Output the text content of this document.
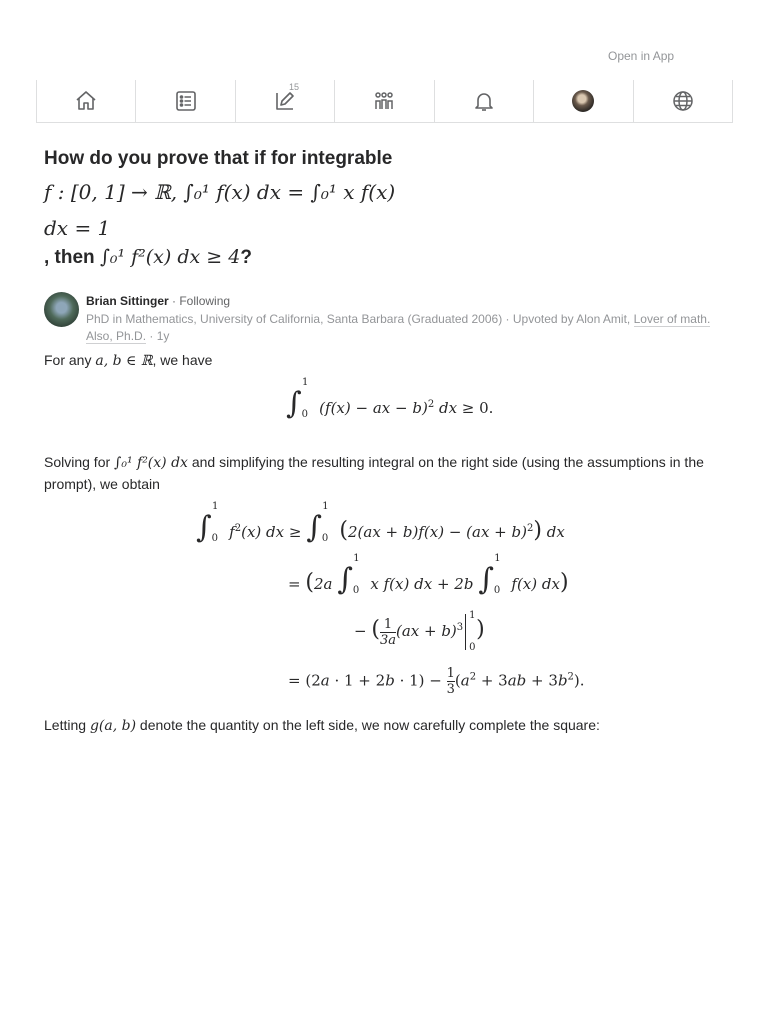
Open in App
15
How do you prove that if for integrable
f : [0, 1] → ℝ, ∫₀¹ f(x) dx = ∫₀¹ x f(x)
dx = 1
, then ∫₀¹ f²(x) dx ≥ 4?
Brian Sittinger · Following
PhD in Mathematics, University of California, Santa Barbara (Graduated 2006) · Upvoted by Alon Amit, Lover of math.
Also, Ph.D. · 1y
For any a, b ∈ ℝ, we have
$\int_0^1$ (f(x) − ax − b)$^2$ dx ≥ 0.
Solving for ∫₀¹ f²(x) dx and simplifying the resulting integral on the right side (using the assumptions in the prompt), we obtain
$\int_0^1$ $f^2(x)$ dx ≥ $\int_0^1$ (2(ax + b)f(x) − (ax + b)$^2$) dx
= (2a $\int_0^1$ x f(x) dx + 2b $\int_0^1$ f(x) dx)
− ( $\frac{1}{3a} (ax + b)^3$
1
0
)
= $(2a \cdot 1 + 2b \cdot 1) - \frac{1}{3} (a^2 + 3ab + 3b^2)$.
Letting g(a, b) denote the quantity on the left side, we now carefully complete the square:
